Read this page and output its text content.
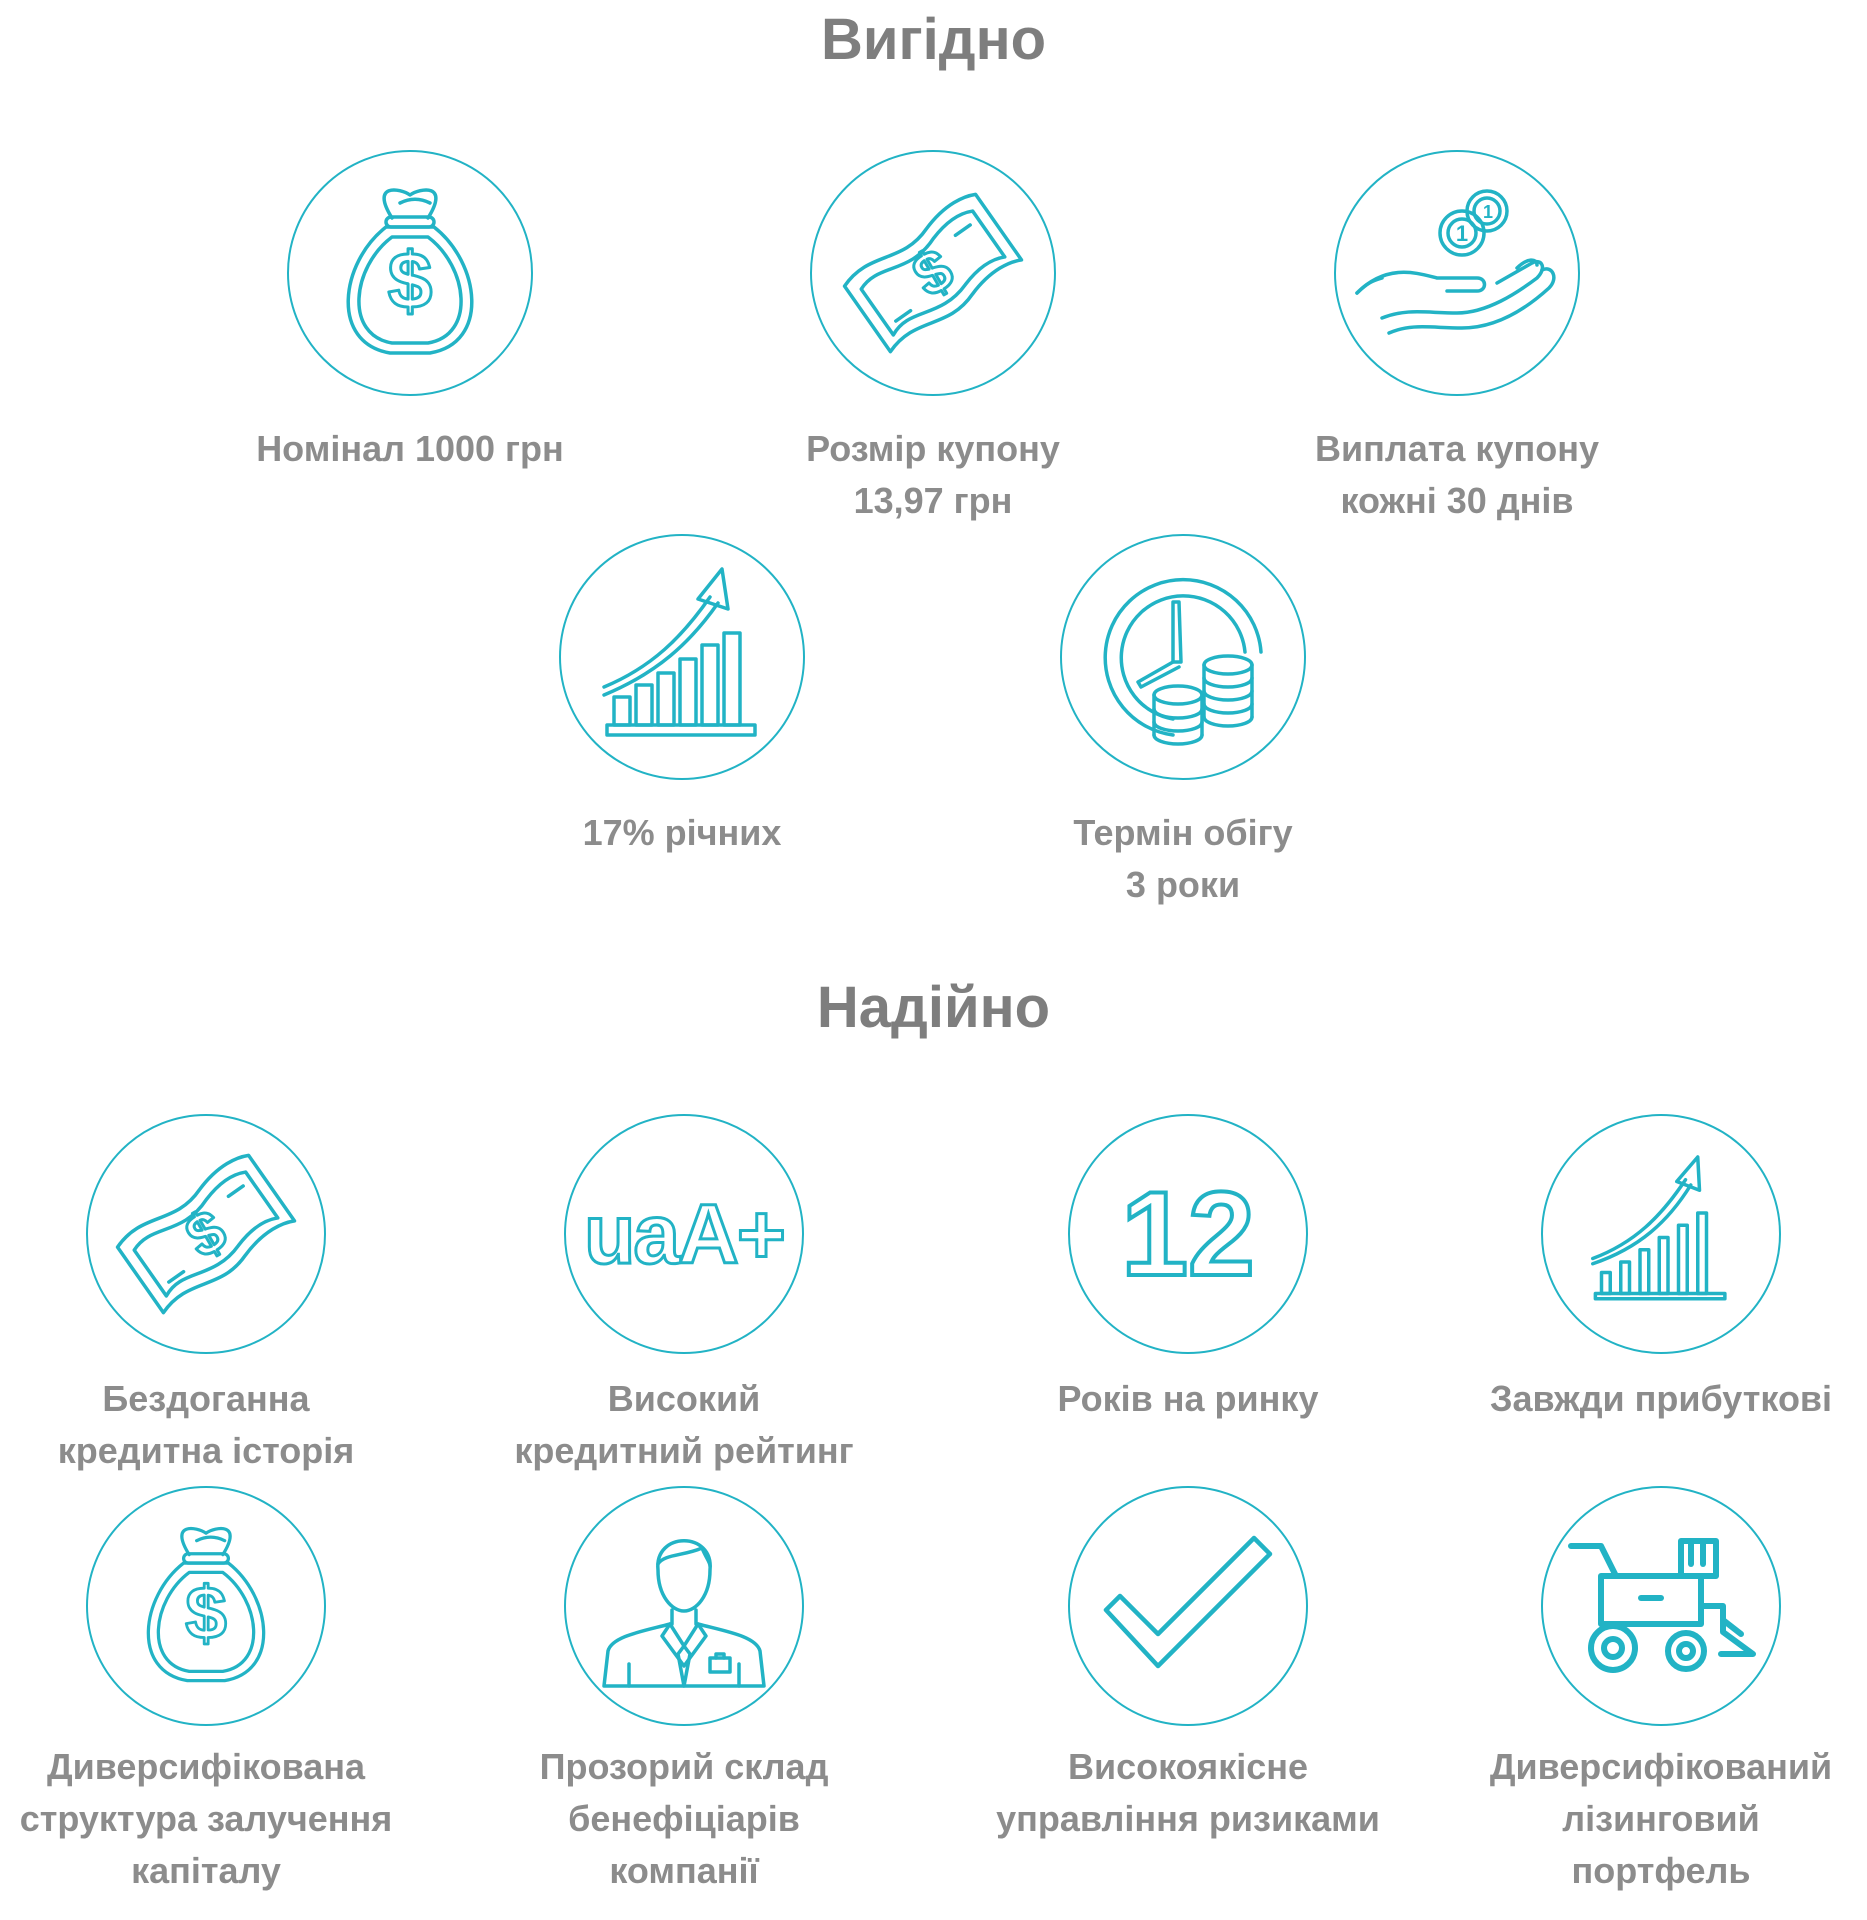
Вигідно
$
Номінал 1000 грн
$
Розмір купону
13,97 грн
1
1
Виплата купону
кожні 30 днів
17% річних	Термін обігу
3 роки
Надійно
$
Бездоганна
кредитна історія
uaA+
Високий
кредитний рейтинг
12
Років на ринку	Завжди прибуткові
$
Диверсифікована
структура залучення
капіталу
Прозорий склад
бенефіціарів
компанії
Високоякісне
управління ризиками
Диверсифікований
лізинговий
портфель
